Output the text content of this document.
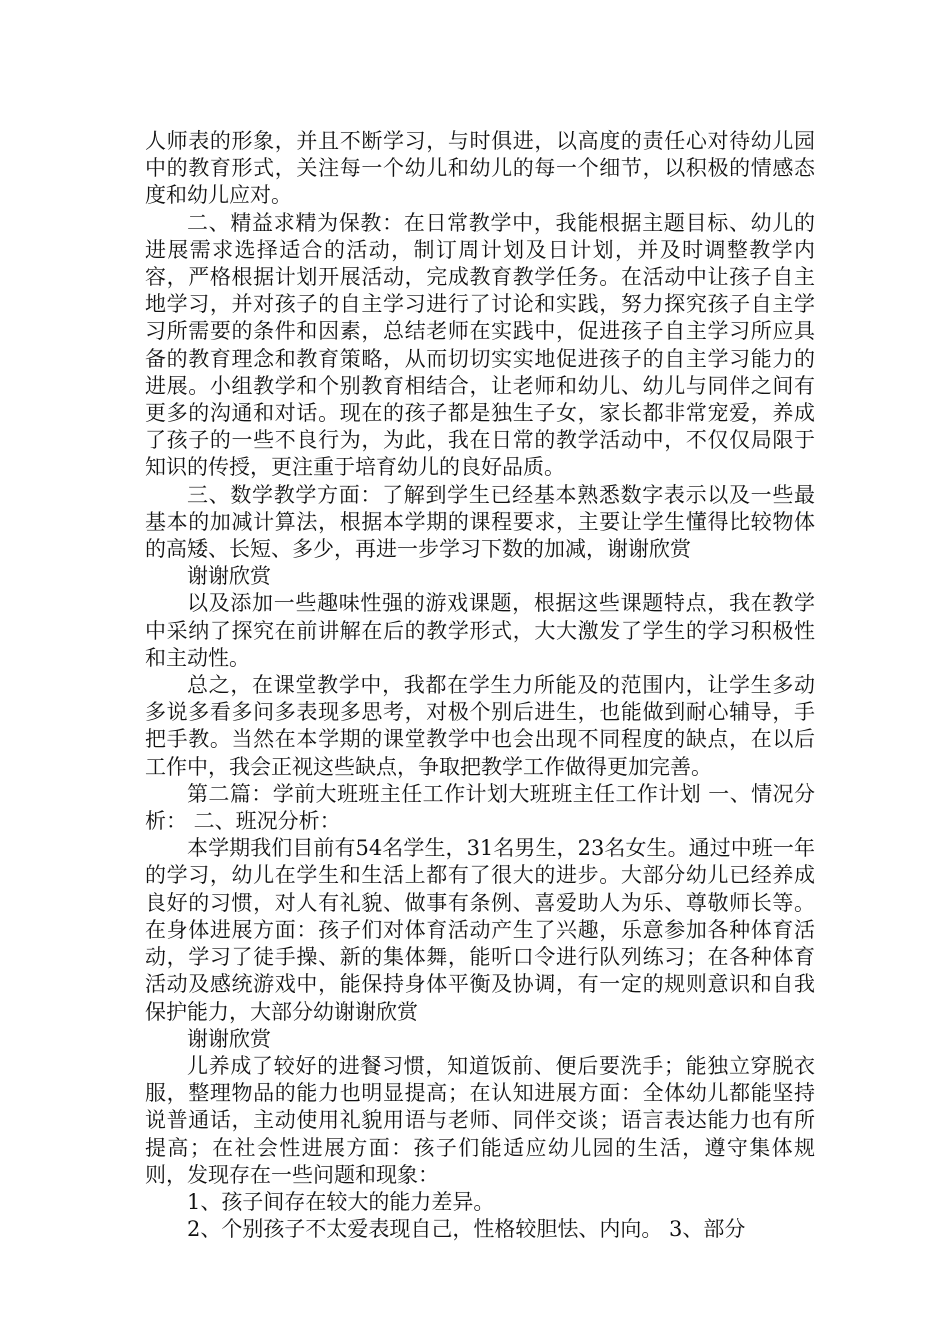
人师表的形象，并且不断学习，与时俱进，以高度的责任心对待幼儿园中的教育形式，关注每一个幼儿和幼儿的每一个细节，以积极的情感态度和幼儿应对。

二、精益求精为保教：在日常教学中，我能根据主题目标、幼儿的进展需求选择适合的活动，制订周计划及日计划，并及时调整教学内容，严格根据计划开展活动，完成教育教学任务。在活动中让孩子自主地学习，并对孩子的自主学习进行了讨论和实践，努力探究孩子自主学习所需要的条件和因素，总结老师在实践中，促进孩子自主学习所应具备的教育理念和教育策略，从而切切实实地促进孩子的自主学习能力的进展。小组教学和个别教育相结合，让老师和幼儿、幼儿与同伴之间有更多的沟通和对话。现在的孩子都是独生子女，家长都非常宠爱，养成了孩子的一些不良行为，为此，我在日常的教学活动中，不仅仅局限于知识的传授，更注重于培育幼儿的良好品质。

三、数学教学方面：了解到学生已经基本熟悉数字表示以及一些最基本的加减计算法，根据本学期的课程要求，主要让学生懂得比较物体的高矮、长短、多少，再进一步学习下数的加减，谢谢欣赏

谢谢欣赏

以及添加一些趣味性强的游戏课题，根据这些课题特点，我在教学中采纳了探究在前讲解在后的教学形式，大大激发了学生的学习积极性和主动性。

总之，在课堂教学中，我都在学生力所能及的范围内，让学生多动多说多看多问多表现多思考，对极个别后进生，也能做到耐心辅导，手把手教。当然在本学期的课堂教学中也会出现不同程度的缺点，在以后工作中，我会正视这些缺点，争取把教学工作做得更加完善。

第二篇：学前大班班主任工作计划大班班主任工作计划 一、情况分析： 二、班况分析：

本学期我们目前有54名学生，31名男生，23名女生。通过中班一年的学习，幼儿在学生和生活上都有了很大的进步。大部分幼儿已经养成良好的习惯，对人有礼貌、做事有条例、喜爱助人为乐、尊敬师长等。在身体进展方面：孩子们对体育活动产生了兴趣，乐意参加各种体育活动，学习了徒手操、新的集体舞，能听口令进行队列练习；在各种体育活动及感统游戏中，能保持身体平衡及协调，有一定的规则意识和自我保护能力，大部分幼谢谢欣赏

谢谢欣赏

儿养成了较好的进餐习惯，知道饭前、便后要洗手；能独立穿脱衣服，整理物品的能力也明显提高；在认知进展方面：全体幼儿都能坚持说普通话，主动使用礼貌用语与老师、同伴交谈；语言表达能力也有所提高；在社会性进展方面：孩子们能适应幼儿园的生活，遵守集体规则，发现存在一些问题和现象：

1、孩子间存在较大的能力差异。

2、个别孩子不太爱表现自己，性格较胆怯、内向。 3、部分
